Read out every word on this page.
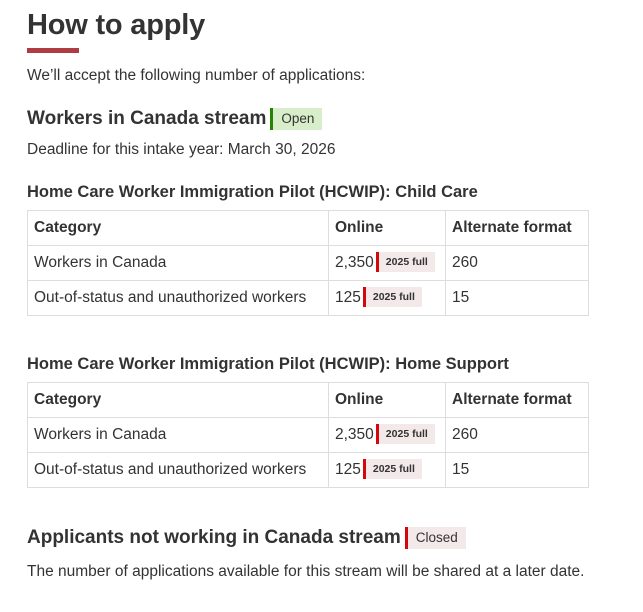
How to apply

We’ll accept the following number of applications:

Workers in Canada stream	Open
Deadline for this intake year: March 30, 2026
Home Care Worker Immigration Pilot (HCWIP): Child Care
Category	Online	Alternate format
Workers in Canada	2,350 2025 full	260
Out-of-status and unauthorized workers	125 2025 full	15
Home Care Worker Immigration Pilot (HCWIP): Home Support
Category	Online	Alternate format
Workers in Canada	2,350 2025 full	260
Out-of-status and unauthorized workers	125 2025 full	15
Applicants not working in Canada stream	Closed
The number of applications available for this stream will be shared at a later date.
